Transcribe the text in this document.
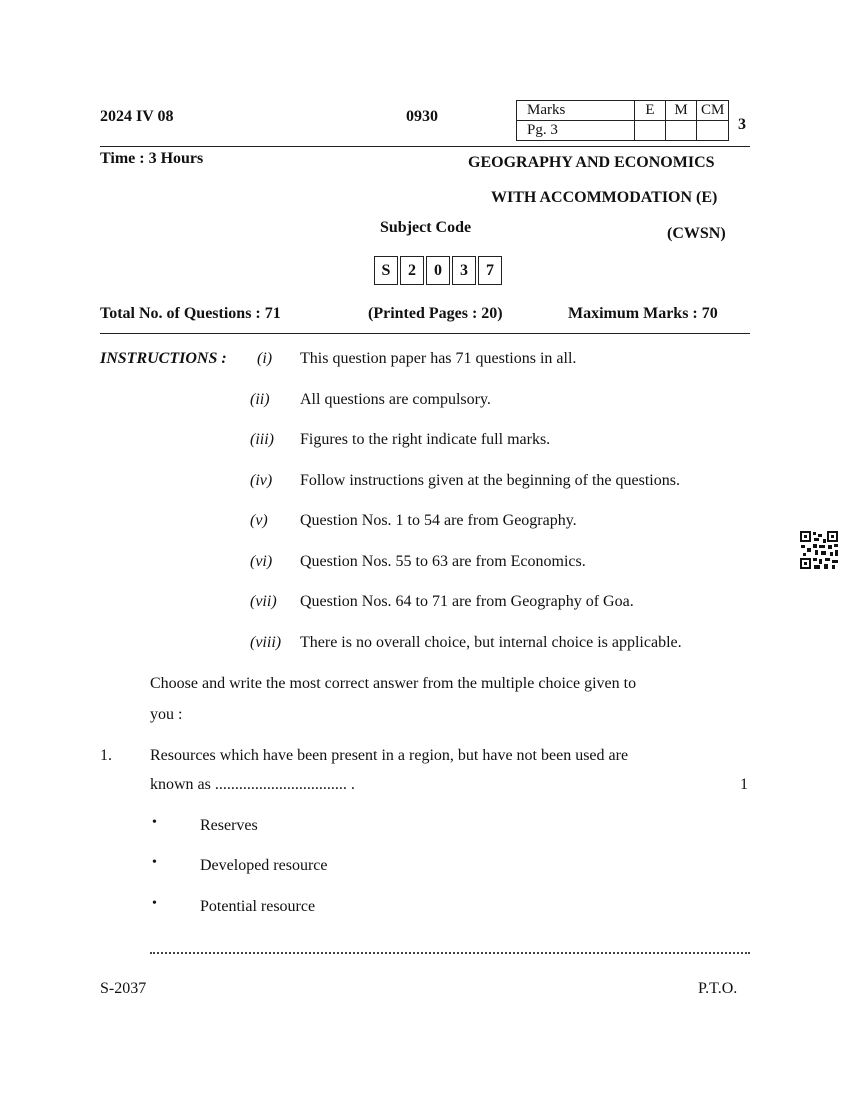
2024 IV 08	0930	Marks	E	M	CM
Pg. 3				3
Time : 3 Hours	GEOGRAPHY AND ECONOMICS
WITH ACCOMMODATION (E)
Subject Code	(CWSN)
S	2	0	3	7
Total No. of Questions : 71	(Printed Pages : 20)	Maximum Marks : 70
INSTRUCTIONS : (i)	This question paper has 71 questions in all.
(ii)	All questions are compulsory.
(iii)	Figures to the right indicate full marks.
(iv)	Follow instructions given at the beginning of the questions.
(v)	Question Nos. 1 to 54 are from Geography.
(vi)	Question Nos. 55 to 63 are from Economics.
(vii)	Question Nos. 64 to 71 are from Geography of Goa.
(viii)	There is no overall choice, but internal choice is applicable.
Choose and write the most correct answer from the multiple choice given to
you :
1. Resources which have been present in a region, but have not been used are
known as ................................. .	1
•	Reserves
•	Developed resource
•	Potential resource
S-2037	P.T.O.
